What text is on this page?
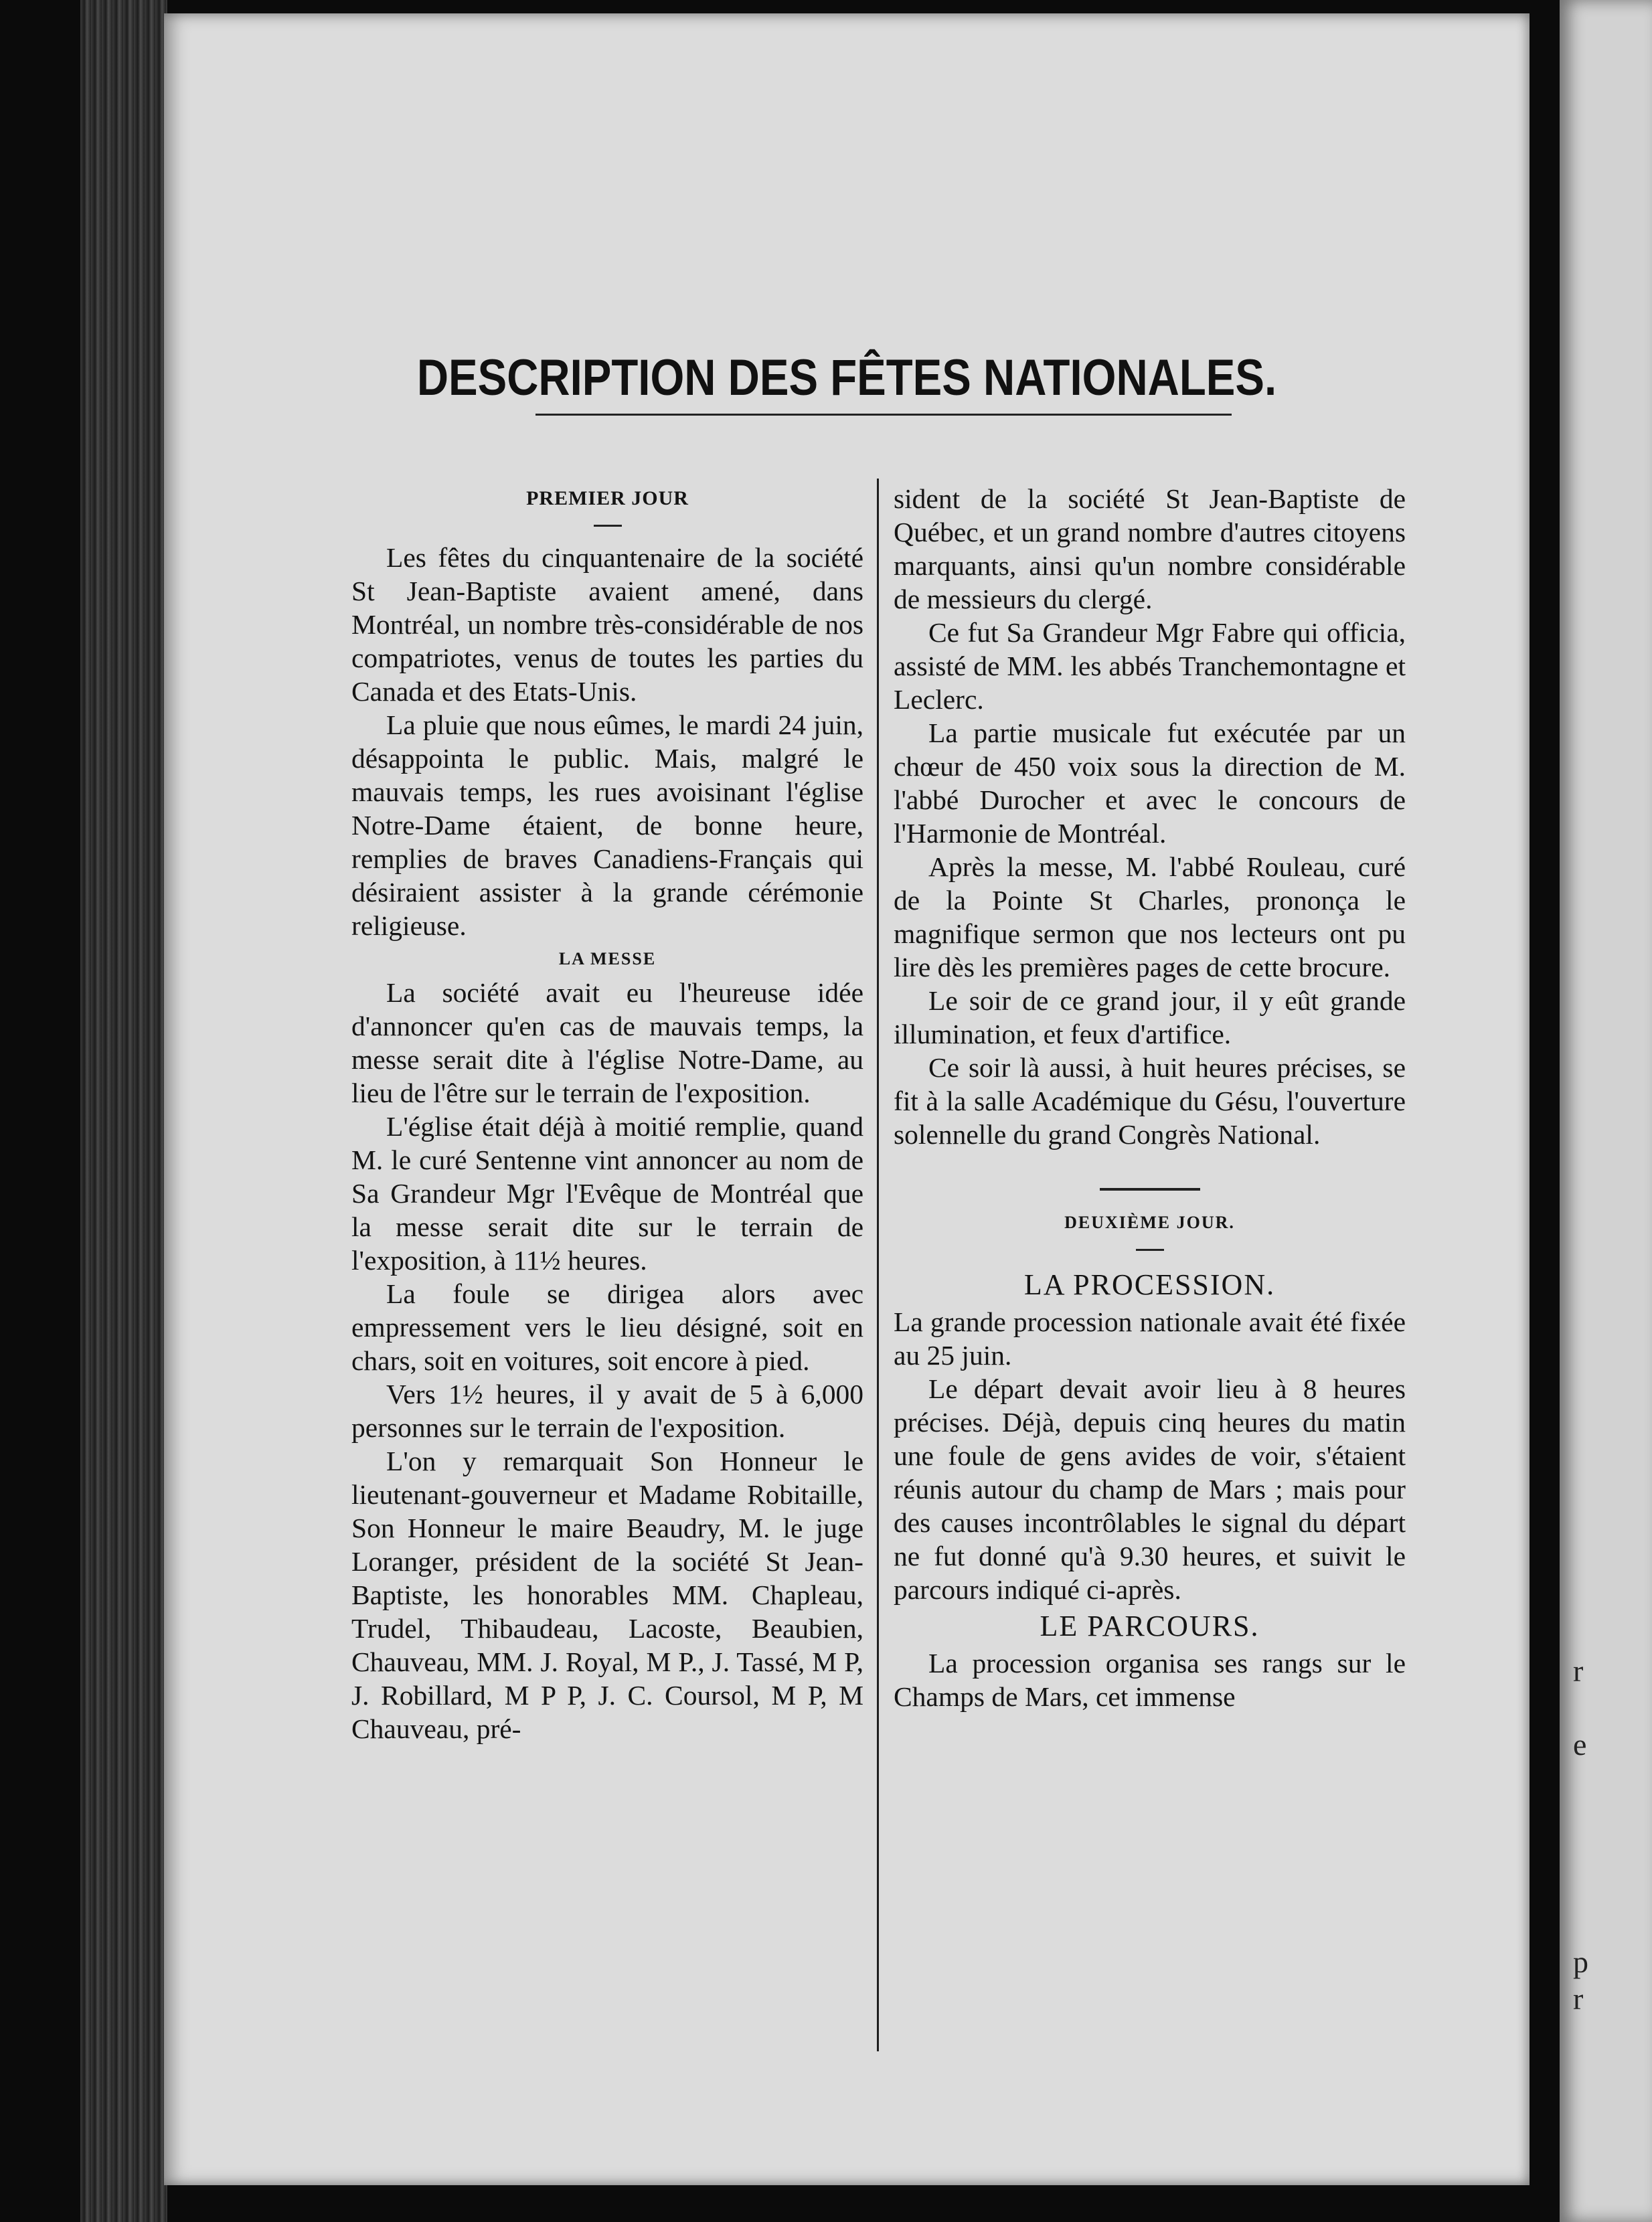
r
e
p
r
DESCRIPTION DES FÊTES NATIONALES.
PREMIER JOUR

Les fêtes du cinquantenaire de la société St Jean-Baptiste avaient amené, dans Montréal, un nombre très-considérable de nos compatriotes, venus de toutes les parties du Canada et des Etats-Unis.

La pluie que nous eûmes, le mardi 24 juin, désappointa le public. Mais, malgré le mauvais temps, les rues avoisinant l'église Notre-Dame étaient, de bonne heure, remplies de braves Canadiens-Français qui désiraient assister à la grande cérémonie religieuse.

LA MESSE

La société avait eu l'heureuse idée d'annoncer qu'en cas de mauvais temps, la messe serait dite à l'église Notre-Dame, au lieu de l'être sur le terrain de l'exposition.

L'église était déjà à moitié remplie, quand M. le curé Sentenne vint annoncer au nom de Sa Grandeur Mgr l'Evêque de Montréal que la messe serait dite sur le terrain de l'exposition, à 11½ heures.

La foule se dirigea alors avec empressement vers le lieu désigné, soit en chars, soit en voitures, soit encore à pied.

Vers 1½ heures, il y avait de 5 à 6,000 personnes sur le terrain de l'exposition.

L'on y remarquait Son Honneur le lieutenant-gouverneur et Madame Robitaille, Son Honneur le maire Beaudry, M. le juge Loranger, président de la société St Jean-Baptiste, les honorables MM. Chapleau, Trudel, Thibaudeau, Lacoste, Beaubien, Chauveau, MM. J. Royal, M P., J. Tassé, M P, J. Robillard, M P P, J. C. Coursol, M P, M Chauveau, pré-

sident de la société St Jean-Baptiste de Québec, et un grand nombre d'autres citoyens marquants, ainsi qu'un nombre considérable de messieurs du clergé.

Ce fut Sa Grandeur Mgr Fabre qui officia, assisté de MM. les abbés Tranchemontagne et Leclerc.

La partie musicale fut exécutée par un chœur de 450 voix sous la direction de M. l'abbé Durocher et avec le concours de l'Harmonie de Montréal.

Après la messe, M. l'abbé Rouleau, curé de la Pointe St Charles, prononça le magnifique sermon que nos lecteurs ont pu lire dès les premières pages de cette brocure.

Le soir de ce grand jour, il y eût grande illumination, et feux d'artifice.

Ce soir là aussi, à huit heures précises, se fit à la salle Académique du Gésu, l'ouverture solennelle du grand Congrès National.

DEUXIÈME JOUR.
LA PROCESSION.

La grande procession nationale avait été fixée au 25 juin.

Le départ devait avoir lieu à 8 heures précises. Déjà, depuis cinq heures du matin une foule de gens avides de voir, s'étaient réunis autour du champ de Mars ; mais pour des causes incontrôlables le signal du départ ne fut donné qu'à 9.30 heures, et suivit le parcours indiqué ci-après.

LE PARCOURS.

La procession organisa ses rangs sur le Champs de Mars, cet immense
